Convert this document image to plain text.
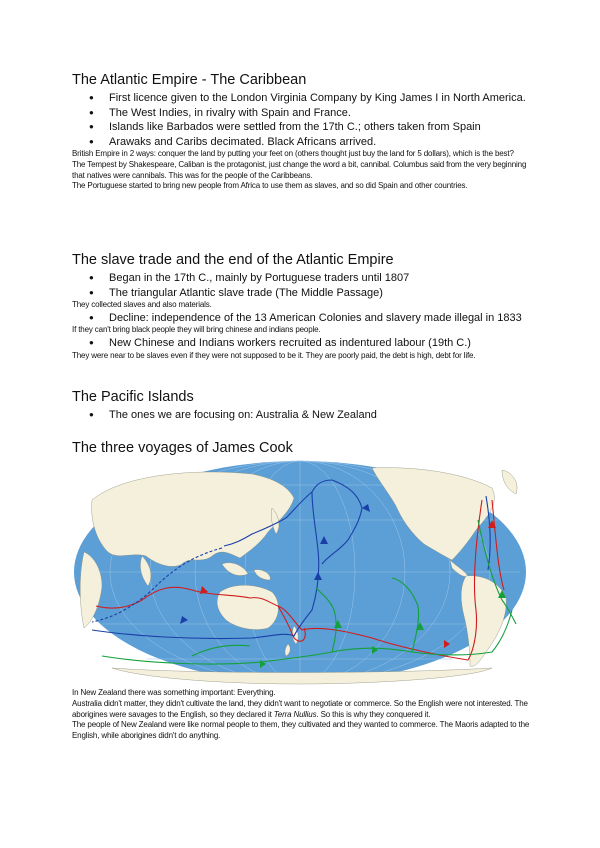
The Atlantic Empire - The Caribbean
● First licence given to the London Virginia Company by King James I in North America.
● The West Indies, in rivalry with Spain and France.
● Islands like Barbados were settled from the 17th C.; others taken from Spain
● Arawaks and Caribs decimated. Black Africans arrived.

British Empire in 2 ways: conquer the land by putting your feet on (others thought just buy the land for 5 dollars), which is the best?

The Tempest by Shakespeare, Caliban is the protagonist, just change the word a bit, cannibal. Columbus said from the very beginning that natives were cannibals. This was for the people of the Caribbeans.

The Portuguese started to bring new people from Africa to use them as slaves, and so did Spain and other countries.

The slave trade and the end of the Atlantic Empire
● Began in the 17th C., mainly by Portuguese traders until 1807
● The triangular Atlantic slave trade (The Middle Passage)

They collected slaves and also materials.

● Decline: independence of the 13 American Colonies and slavery made illegal in 1833

If they can't bring black people they will bring chinese and indians people.

● New Chinese and Indians workers recruited as indentured labour (19th C.)

They were near to be slaves even if they were not supposed to be it. They are poorly paid, the debt is high, debt for life.

The Pacific Islands
● The ones we are focusing on: Australia & New Zealand
The three voyages of James Cook

In New Zealand there was something important: Everything.

Australia didn't matter, they didn't cultivate the land, they didn't want to negotiate or commerce. So the English were not interested. The aborigines were savages to the English, so they declared it Terra Nullius. So this is why they conquered it.

The people of New Zealand were like normal people to them, they cultivated and they wanted to commerce. The Maoris adapted to the English, while aborigines didn't do anything.
